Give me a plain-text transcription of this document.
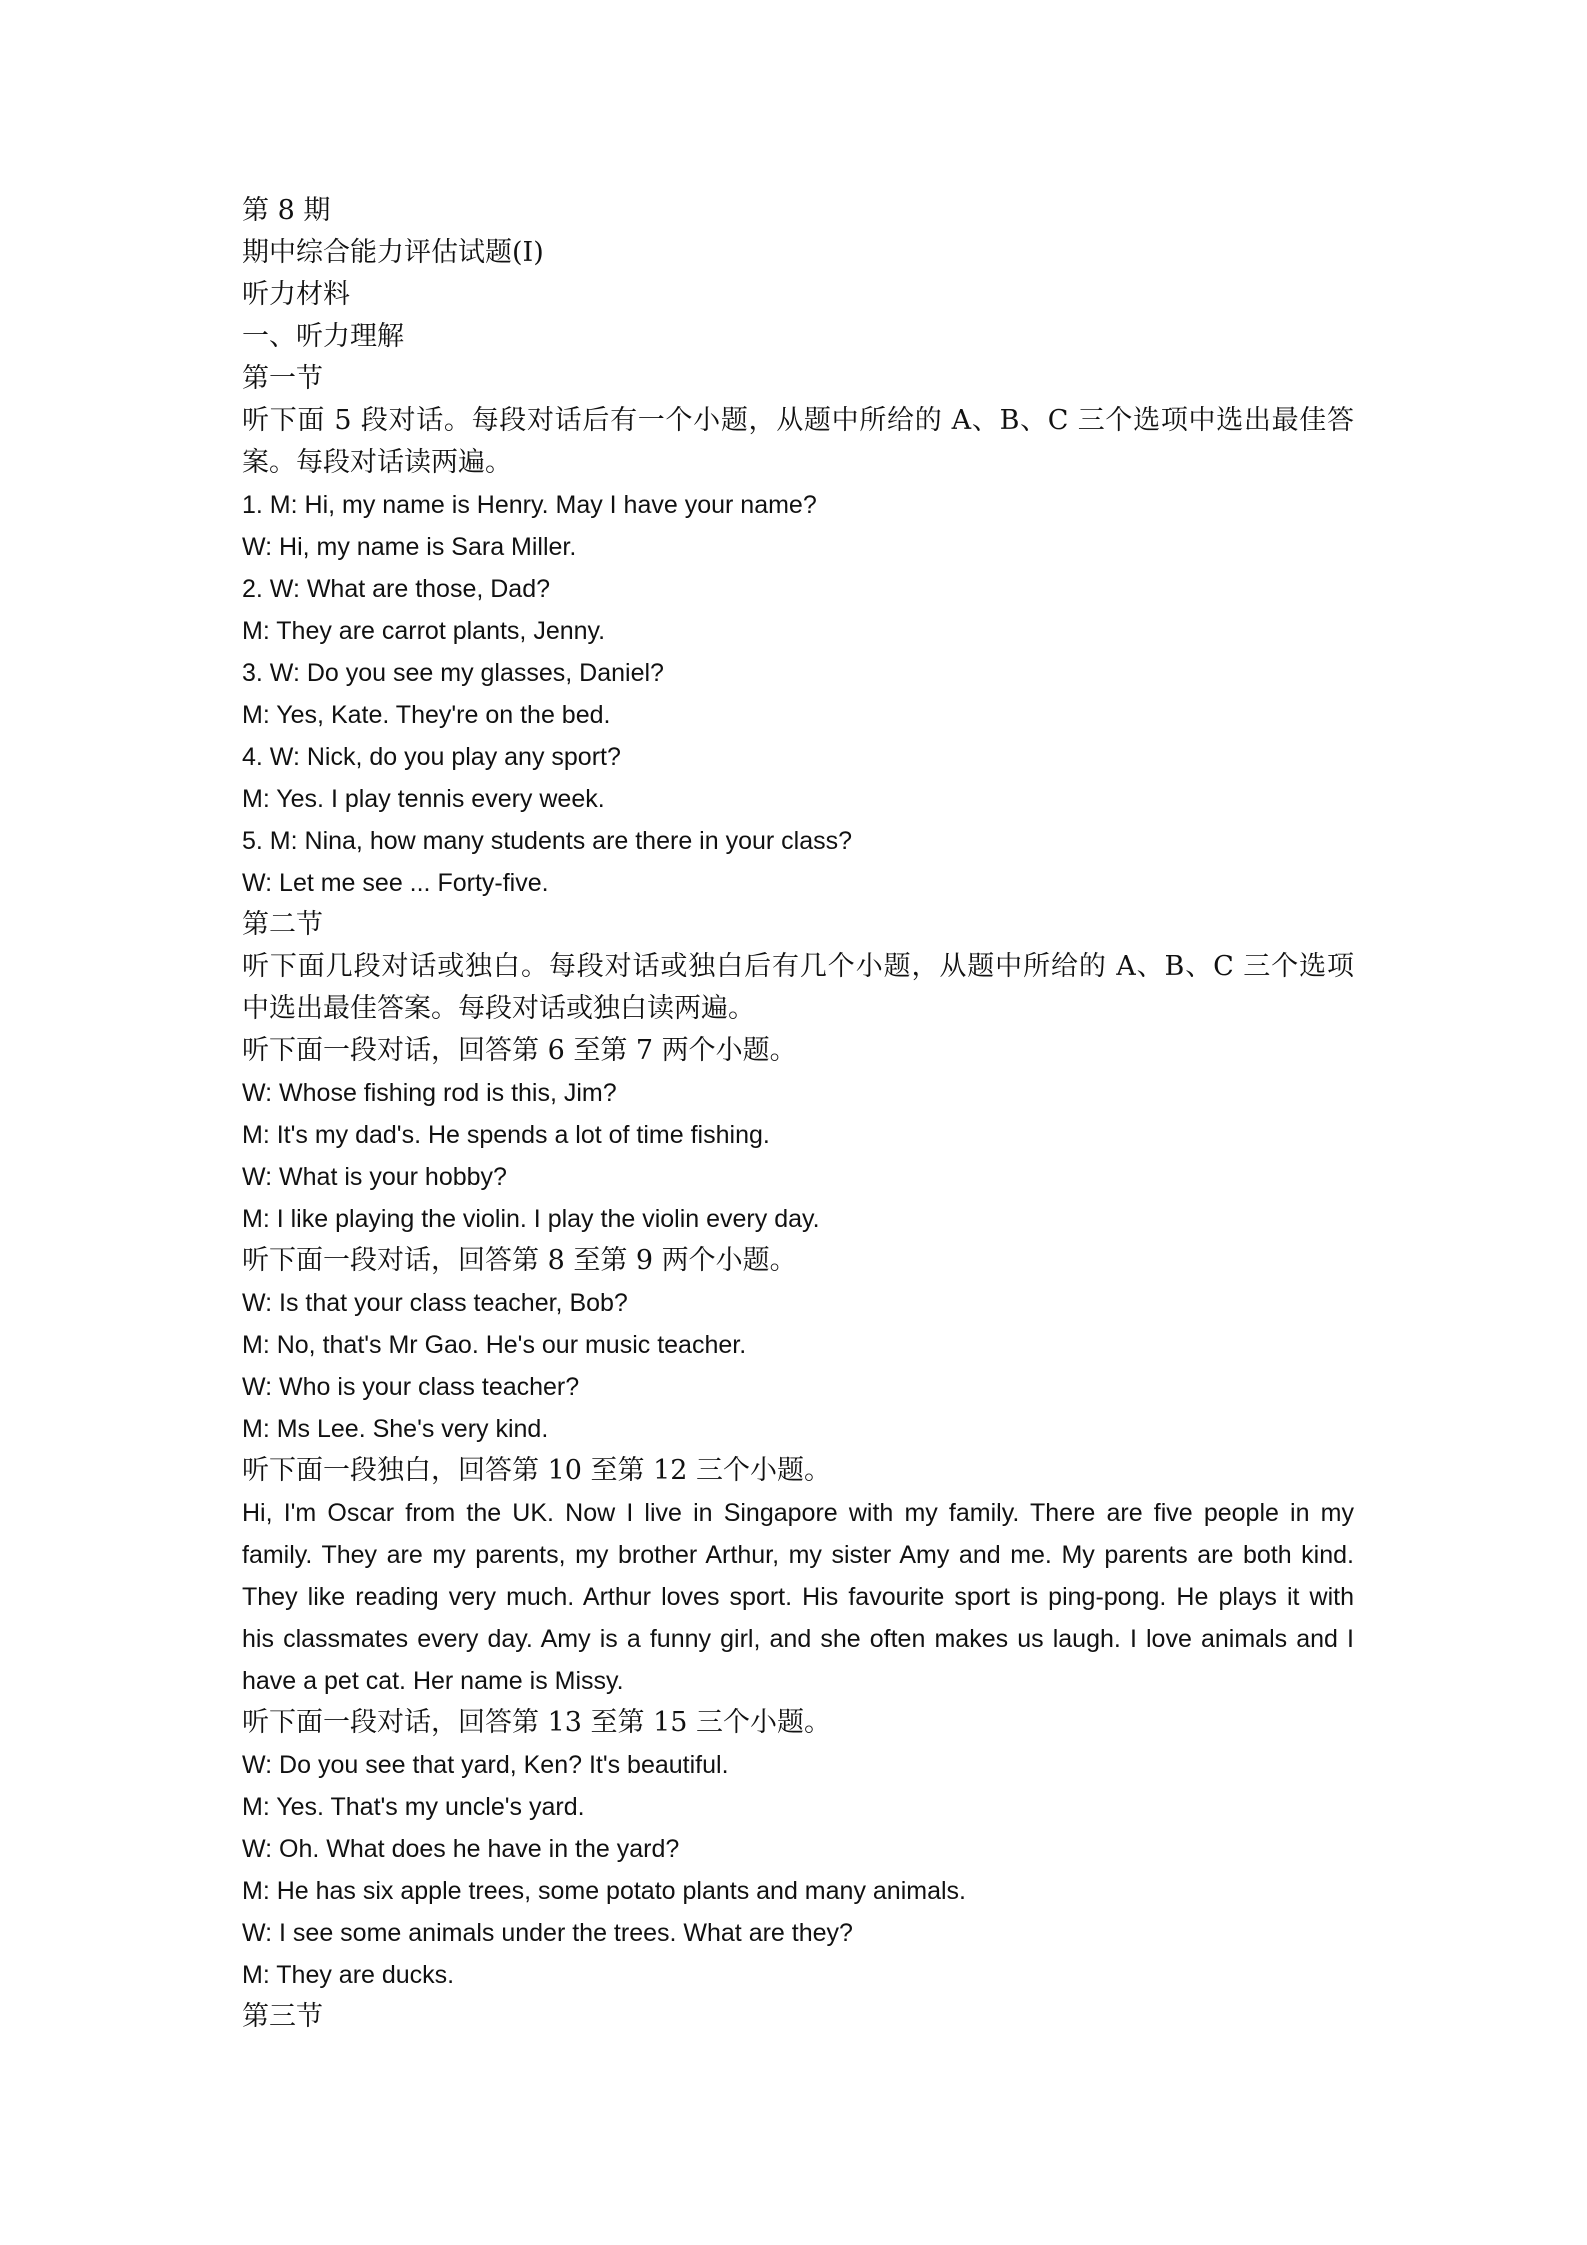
第 8 期
期中综合能力评估试题(Ⅰ)
听力材料
一、听力理解
第一节
听下面 5 段对话。每段对话后有一个小题，从题中所给的 A、B、C 三个选项中选出最佳答
案。每段对话读两遍。
1. M: Hi, my name is Henry. May I have your name?
W: Hi, my name is Sara Miller.
2. W: What are those, Dad?
M: They are carrot plants, Jenny.
3. W: Do you see my glasses, Daniel?
M: Yes, Kate. They're on the bed.
4. W: Nick, do you play any sport?
M: Yes. I play tennis every week.
5. M: Nina, how many students are there in your class?
W: Let me see ... Forty-five.
第二节
听下面几段对话或独白。每段对话或独白后有几个小题，从题中所给的 A、B、C 三个选项
中选出最佳答案。每段对话或独白读两遍。
听下面一段对话，回答第 6 至第 7 两个小题。
W: Whose fishing rod is this, Jim?
M: It's my dad's. He spends a lot of time fishing.
W: What is your hobby?
M: I like playing the violin. I play the violin every day.
听下面一段对话，回答第 8 至第 9 两个小题。
W: Is that your class teacher, Bob?
M: No, that's Mr Gao. He's our music teacher.
W: Who is your class teacher?
M: Ms Lee. She's very kind.
听下面一段独白，回答第 10 至第 12 三个小题。
Hi, I'm Oscar from the UK. Now I live in Singapore with my family. There are five people in my
family. They are my parents, my brother Arthur, my sister Amy and me. My parents are both kind.
They like reading very much. Arthur loves sport. His favourite sport is ping-pong. He plays it with
his classmates every day. Amy is a funny girl, and she often makes us laugh. I love animals and I
have a pet cat. Her name is Missy.
听下面一段对话，回答第 13 至第 15 三个小题。
W: Do you see that yard, Ken? It's beautiful.
M: Yes. That's my uncle's yard.
W: Oh. What does he have in the yard?
M: He has six apple trees, some potato plants and many animals.
W: I see some animals under the trees. What are they?
M: They are ducks.
第三节
